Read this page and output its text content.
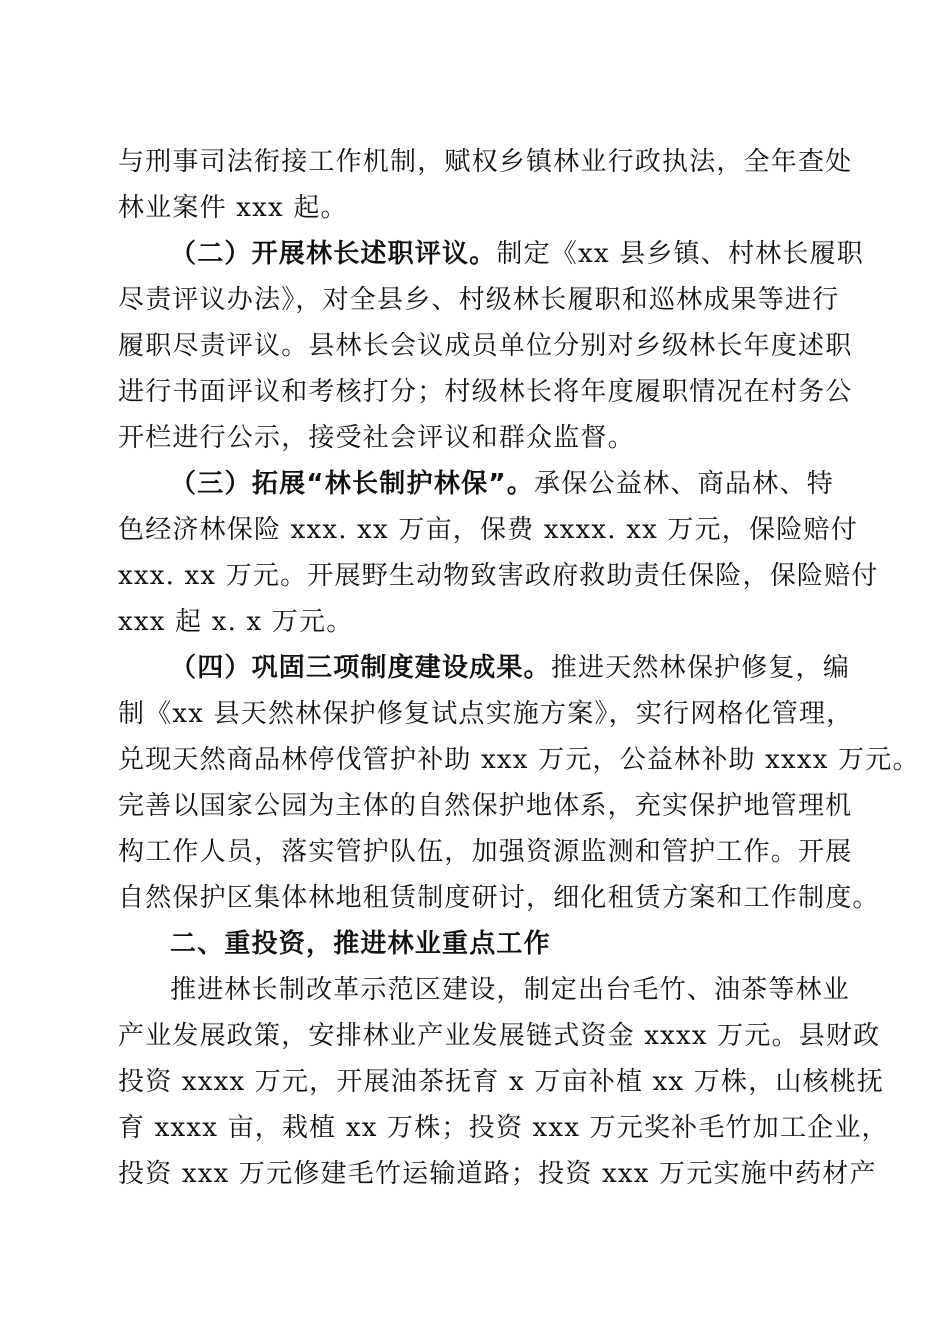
与刑事司法衔接工作机制，赋权乡镇林业行政执法，全年查处
林业案件 xxx 起。
（二）开展林长述职评议。制定《xx 县乡镇、村林长履职
尽责评议办法》，对全县乡、村级林长履职和巡林成果等进行
履职尽责评议。县林长会议成员单位分别对乡级林长年度述职
进行书面评议和考核打分；村级林长将年度履职情况在村务公
开栏进行公示，接受社会评议和群众监督。
（三）拓展“林长制护林保”。承保公益林、商品林、特
色经济林保险 xxx. xx 万亩，保费 xxxx. xx 万元，保险赔付
xxx. xx 万元。开展野生动物致害政府救助责任保险，保险赔付
xxx 起 x. x 万元。
（四）巩固三项制度建设成果。推进天然林保护修复，编
制《xx 县天然林保护修复试点实施方案》，实行网格化管理，
兑现天然商品林停伐管护补助 xxx 万元，公益林补助 xxxx 万元。
完善以国家公园为主体的自然保护地体系，充实保护地管理机
构工作人员，落实管护队伍，加强资源监测和管护工作。开展
自然保护区集体林地租赁制度研讨，细化租赁方案和工作制度。
二、重投资，推进林业重点工作
推进林长制改革示范区建设，制定出台毛竹、油茶等林业
产业发展政策，安排林业产业发展链式资金 xxxx 万元。县财政
投资 xxxx 万元，开展油茶抚育 x 万亩补植 xx 万株，山核桃抚
育 xxxx 亩，栽植 xx 万株；投资 xxx 万元奖补毛竹加工企业，
投资 xxx 万元修建毛竹运输道路；投资 xxx 万元实施中药材产
